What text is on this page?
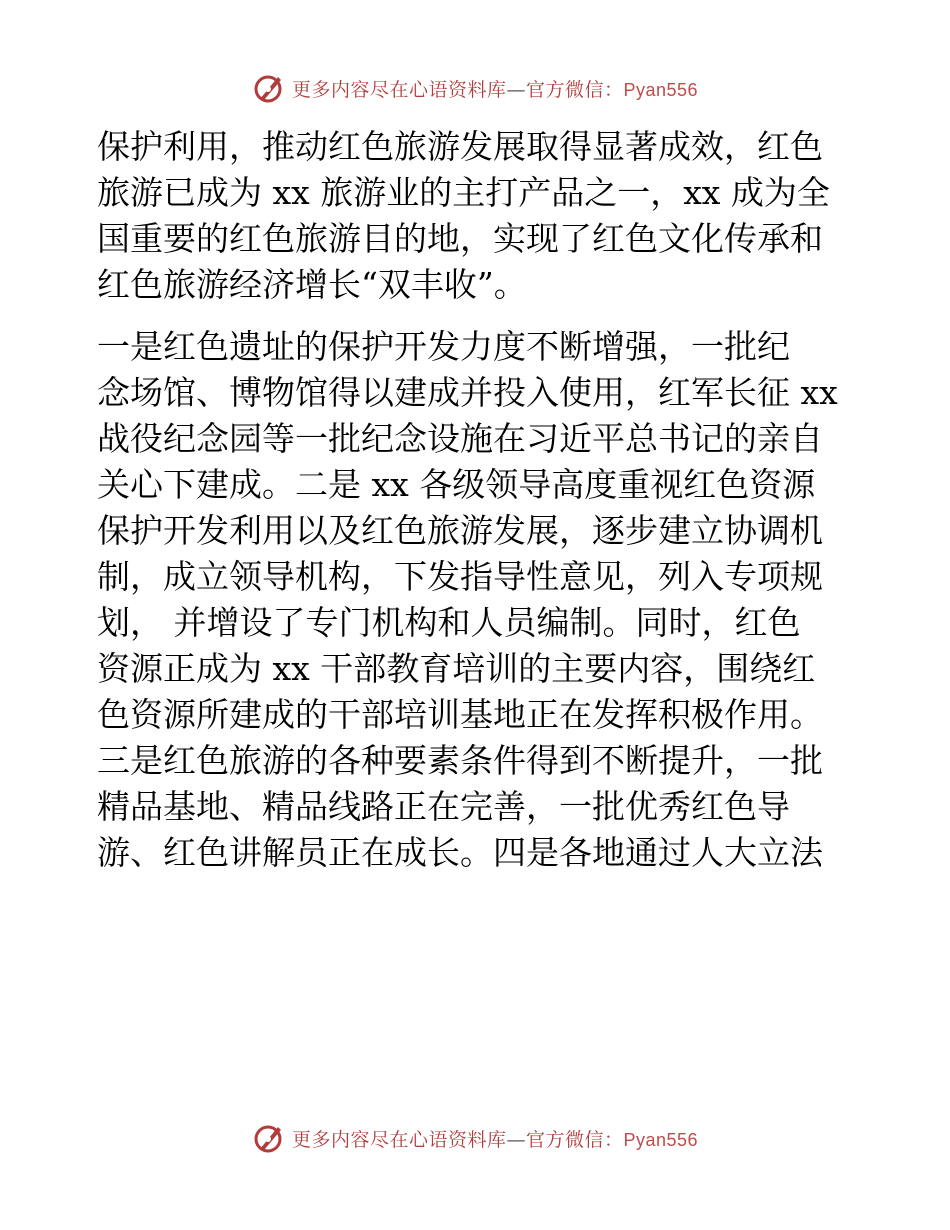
更多内容尽在心语资料库—官方微信：Pyan556
保护利用，推动红色旅游发展取得显著成效，红色
旅游已成为 xx 旅游业的主打产品之一，xx 成为全
国重要的红色旅游目的地，实现了红色文化传承和
红色旅游经济增长“双丰收”。
一是红色遗址的保护开发力度不断增强，一批纪
念场馆、博物馆得以建成并投入使用，红军长征 xx
战役纪念园等一批纪念设施在习近平总书记的亲自
关心下建成。二是 xx 各级领导高度重视红色资源
保护开发利用以及红色旅游发展，逐步建立协调机
制，成立领导机构，下发指导性意见，列入专项规
划， 并增设了专门机构和人员编制。同时，红色
资源正成为 xx 干部教育培训的主要内容，围绕红
色资源所建成的干部培训基地正在发挥积极作用。
三是红色旅游的各种要素条件得到不断提升，一批
精品基地、精品线路正在完善，一批优秀红色导
游、红色讲解员正在成长。四是各地通过人大立法
更多内容尽在心语资料库—官方微信：Pyan556
